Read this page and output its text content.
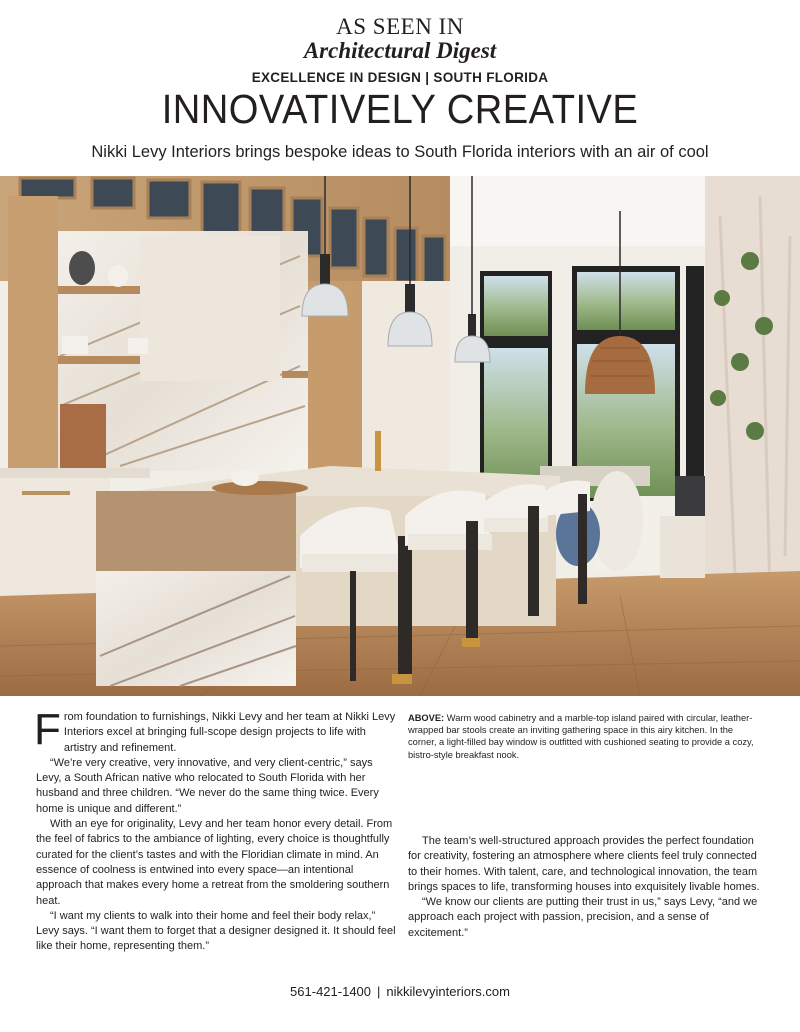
AS SEEN IN
Architectural Digest
EXCELLENCE IN DESIGN | SOUTH FLORIDA
INNOVATIVELY CREATIVE
Nikki Levy Interiors brings bespoke ideas to South Florida interiors with an air of cool

From foundation to furnishings, Nikki Levy and her team at Nikki Levy Interiors excel at bringing full-scope design projects to life with artistry and refinement.

“We’re very creative, very innovative, and very client-centric,” says Levy, a South African native who relocated to South Florida with her husband and three children. “We never do the same thing twice. Every home is unique and different.”

With an eye for originality, Levy and her team honor every detail. From the feel of fabrics to the ambiance of lighting, every choice is thoughtfully curated for the client’s tastes and with the Floridian climate in mind. An essence of coolness is entwined into every space—an intentional approach that makes every home a retreat from the smoldering southern heat.

“I want my clients to walk into their home and feel their body relax,” Levy says. “I want them to forget that a designer designed it. It should feel like their home, representing them.”

ABOVE: Warm wood cabinetry and a marble-top island paired with circular, leather-wrapped bar stools create an inviting gathering space in this airy kitchen. In the corner, a light-filled bay window is outfitted with cushioned seating to provide a cozy, bistro-style breakfast nook.

The team’s well-structured approach provides the perfect foundation for creativity, fostering an atmosphere where clients feel truly connected to their homes. With talent, care, and technological innovation, the team brings spaces to life, transforming houses into exquisitely livable homes.

“We know our clients are putting their trust in us,” says Levy, “and we approach each project with passion, precision, and a sense of excitement.”

561-421-1400 | nikkilevyinteriors.com
